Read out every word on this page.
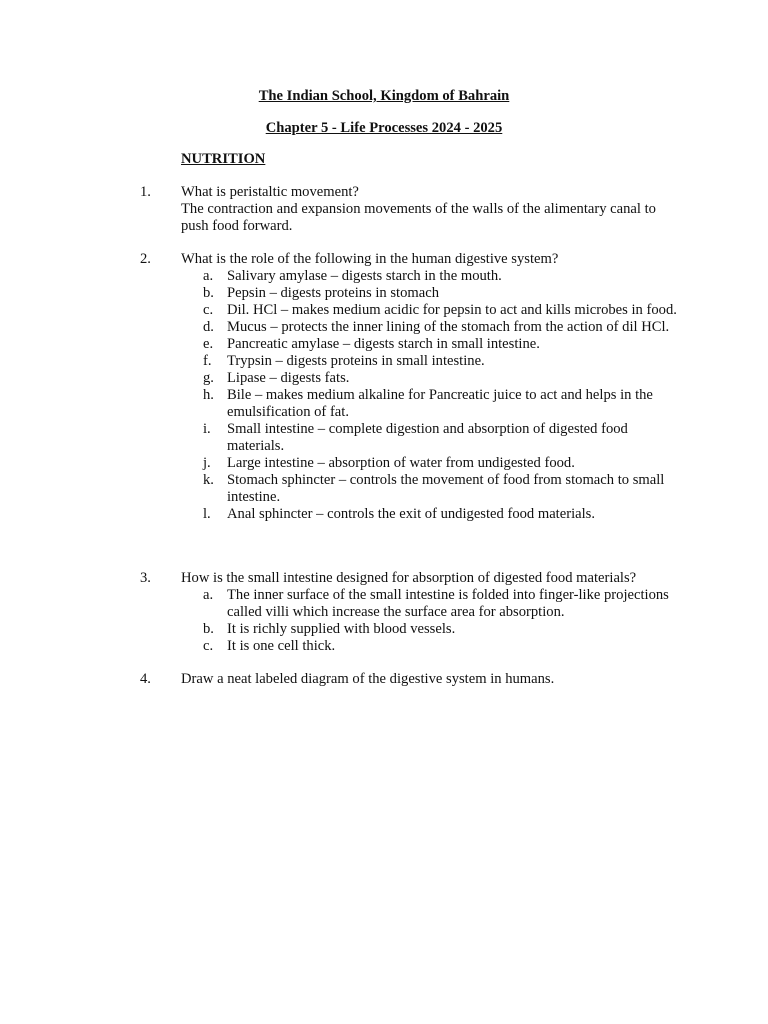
The Indian School, Kingdom of Bahrain
Chapter 5 - Life Processes 2024 - 2025
NUTRITION
1.	What is peristaltic movement?

The contraction and expansion movements of the walls of the alimentary canal to push food forward.

2.	What is the role of the following in the human digestive system?

a. Salivary amylase – digests starch in the mouth.
b. Pepsin – digests proteins in stomach
c. Dil. HCl – makes medium acidic for pepsin to act and kills microbes in food.
d. Mucus – protects the inner lining of the stomach from the action of dil HCl.
e. Pancreatic amylase – digests starch in small intestine.
f. Trypsin – digests proteins in small intestine.
g. Lipase – digests fats.
h. Bile – makes medium alkaline for Pancreatic juice to act and helps in the emulsification of fat.
i. Small intestine – complete digestion and absorption of digested food materials.
j. Large intestine – absorption of water from undigested food.
k. Stomach sphincter – controls the movement of food from stomach to small intestine.
l. Anal sphincter – controls the exit of undigested food materials.
3.	How is the small intestine designed for absorption of digested food materials?

a. The inner surface of the small intestine is folded into finger-like projections called villi which increase the surface area for absorption.
b. It is richly supplied with blood vessels.
c. It is one cell thick.
4.	Draw a neat labeled diagram of the digestive system in humans.
